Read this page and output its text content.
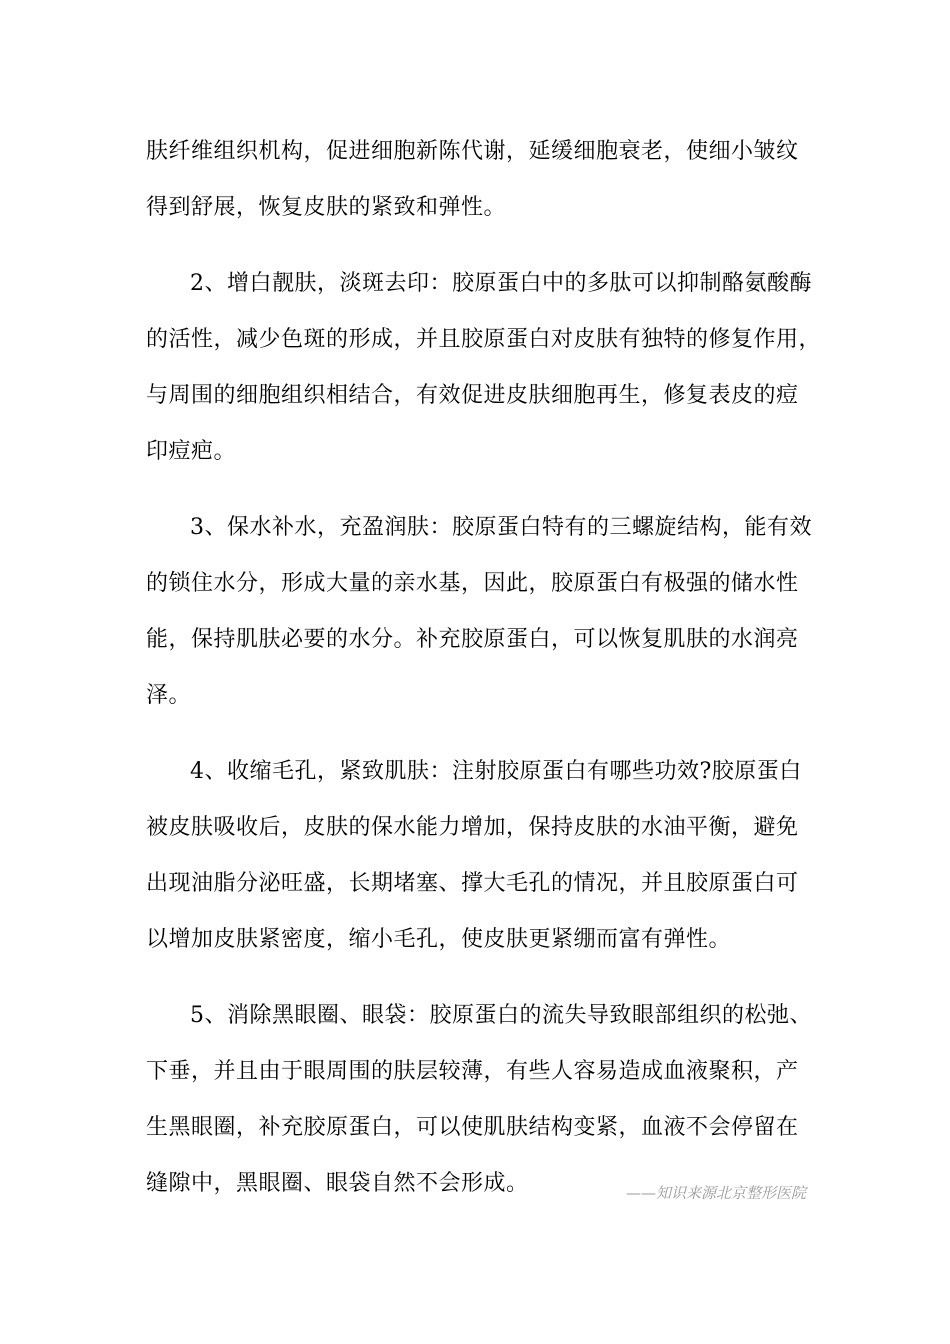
肤纤维组织机构，促进细胞新陈代谢，延缓细胞衰老，使细小皱纹
得到舒展，恢复皮肤的紧致和弹性。

2、增白靓肤，淡斑去印：胶原蛋白中的多肽可以抑制酪氨酸酶
的活性，减少色斑的形成，并且胶原蛋白对皮肤有独特的修复作用，
与周围的细胞组织相结合，有效促进皮肤细胞再生，修复表皮的痘
印痘疤。

3、保水补水，充盈润肤：胶原蛋白特有的三螺旋结构，能有效
的锁住水分，形成大量的亲水基，因此，胶原蛋白有极强的储水性
能，保持肌肤必要的水分。补充胶原蛋白，可以恢复肌肤的水润亮
泽。

4、收缩毛孔，紧致肌肤：注射胶原蛋白有哪些功效?胶原蛋白
被皮肤吸收后，皮肤的保水能力增加，保持皮肤的水油平衡，避免
出现油脂分泌旺盛，长期堵塞、撑大毛孔的情况，并且胶原蛋白可
以增加皮肤紧密度，缩小毛孔，使皮肤更紧绷而富有弹性。

5、消除黑眼圈、眼袋：胶原蛋白的流失导致眼部组织的松弛、
下垂，并且由于眼周围的肤层较薄，有些人容易造成血液聚积，产
生黑眼圈，补充胶原蛋白，可以使肌肤结构变紧，血液不会停留在
缝隙中，黑眼圈、眼袋自然不会形成。	——知识来源北京整形医院
